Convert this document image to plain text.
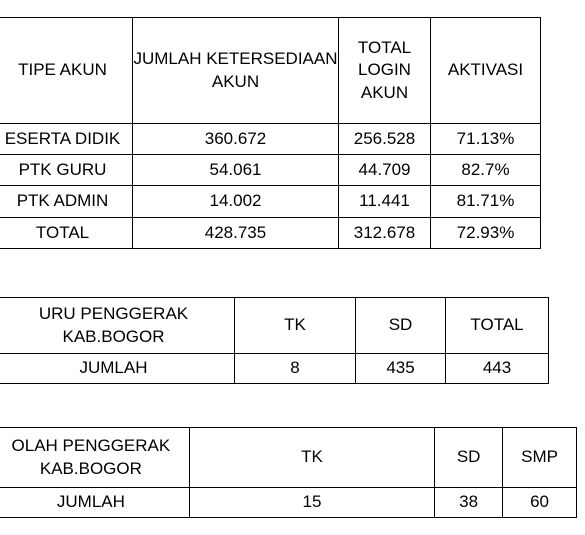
TIPE AKUN	JUMLAH KETERSEDIAAN AKUN	TOTAL LOGIN AKUN	AKTIVASI
ESERTA DIDIK	360.672	256.528	71.13%
PTK GURU	54.061	44.709	82.7%
PTK ADMIN	14.002	11.441	81.71%
TOTAL	428.735	312.678	72.93%
URU PENGGERAK KAB.BOGOR	TK	SD	TOTAL
JUMLAH	8	435	443
OLAH PENGGERAK KAB.BOGOR	TK	SD	SMP
JUMLAH	15	38	60
